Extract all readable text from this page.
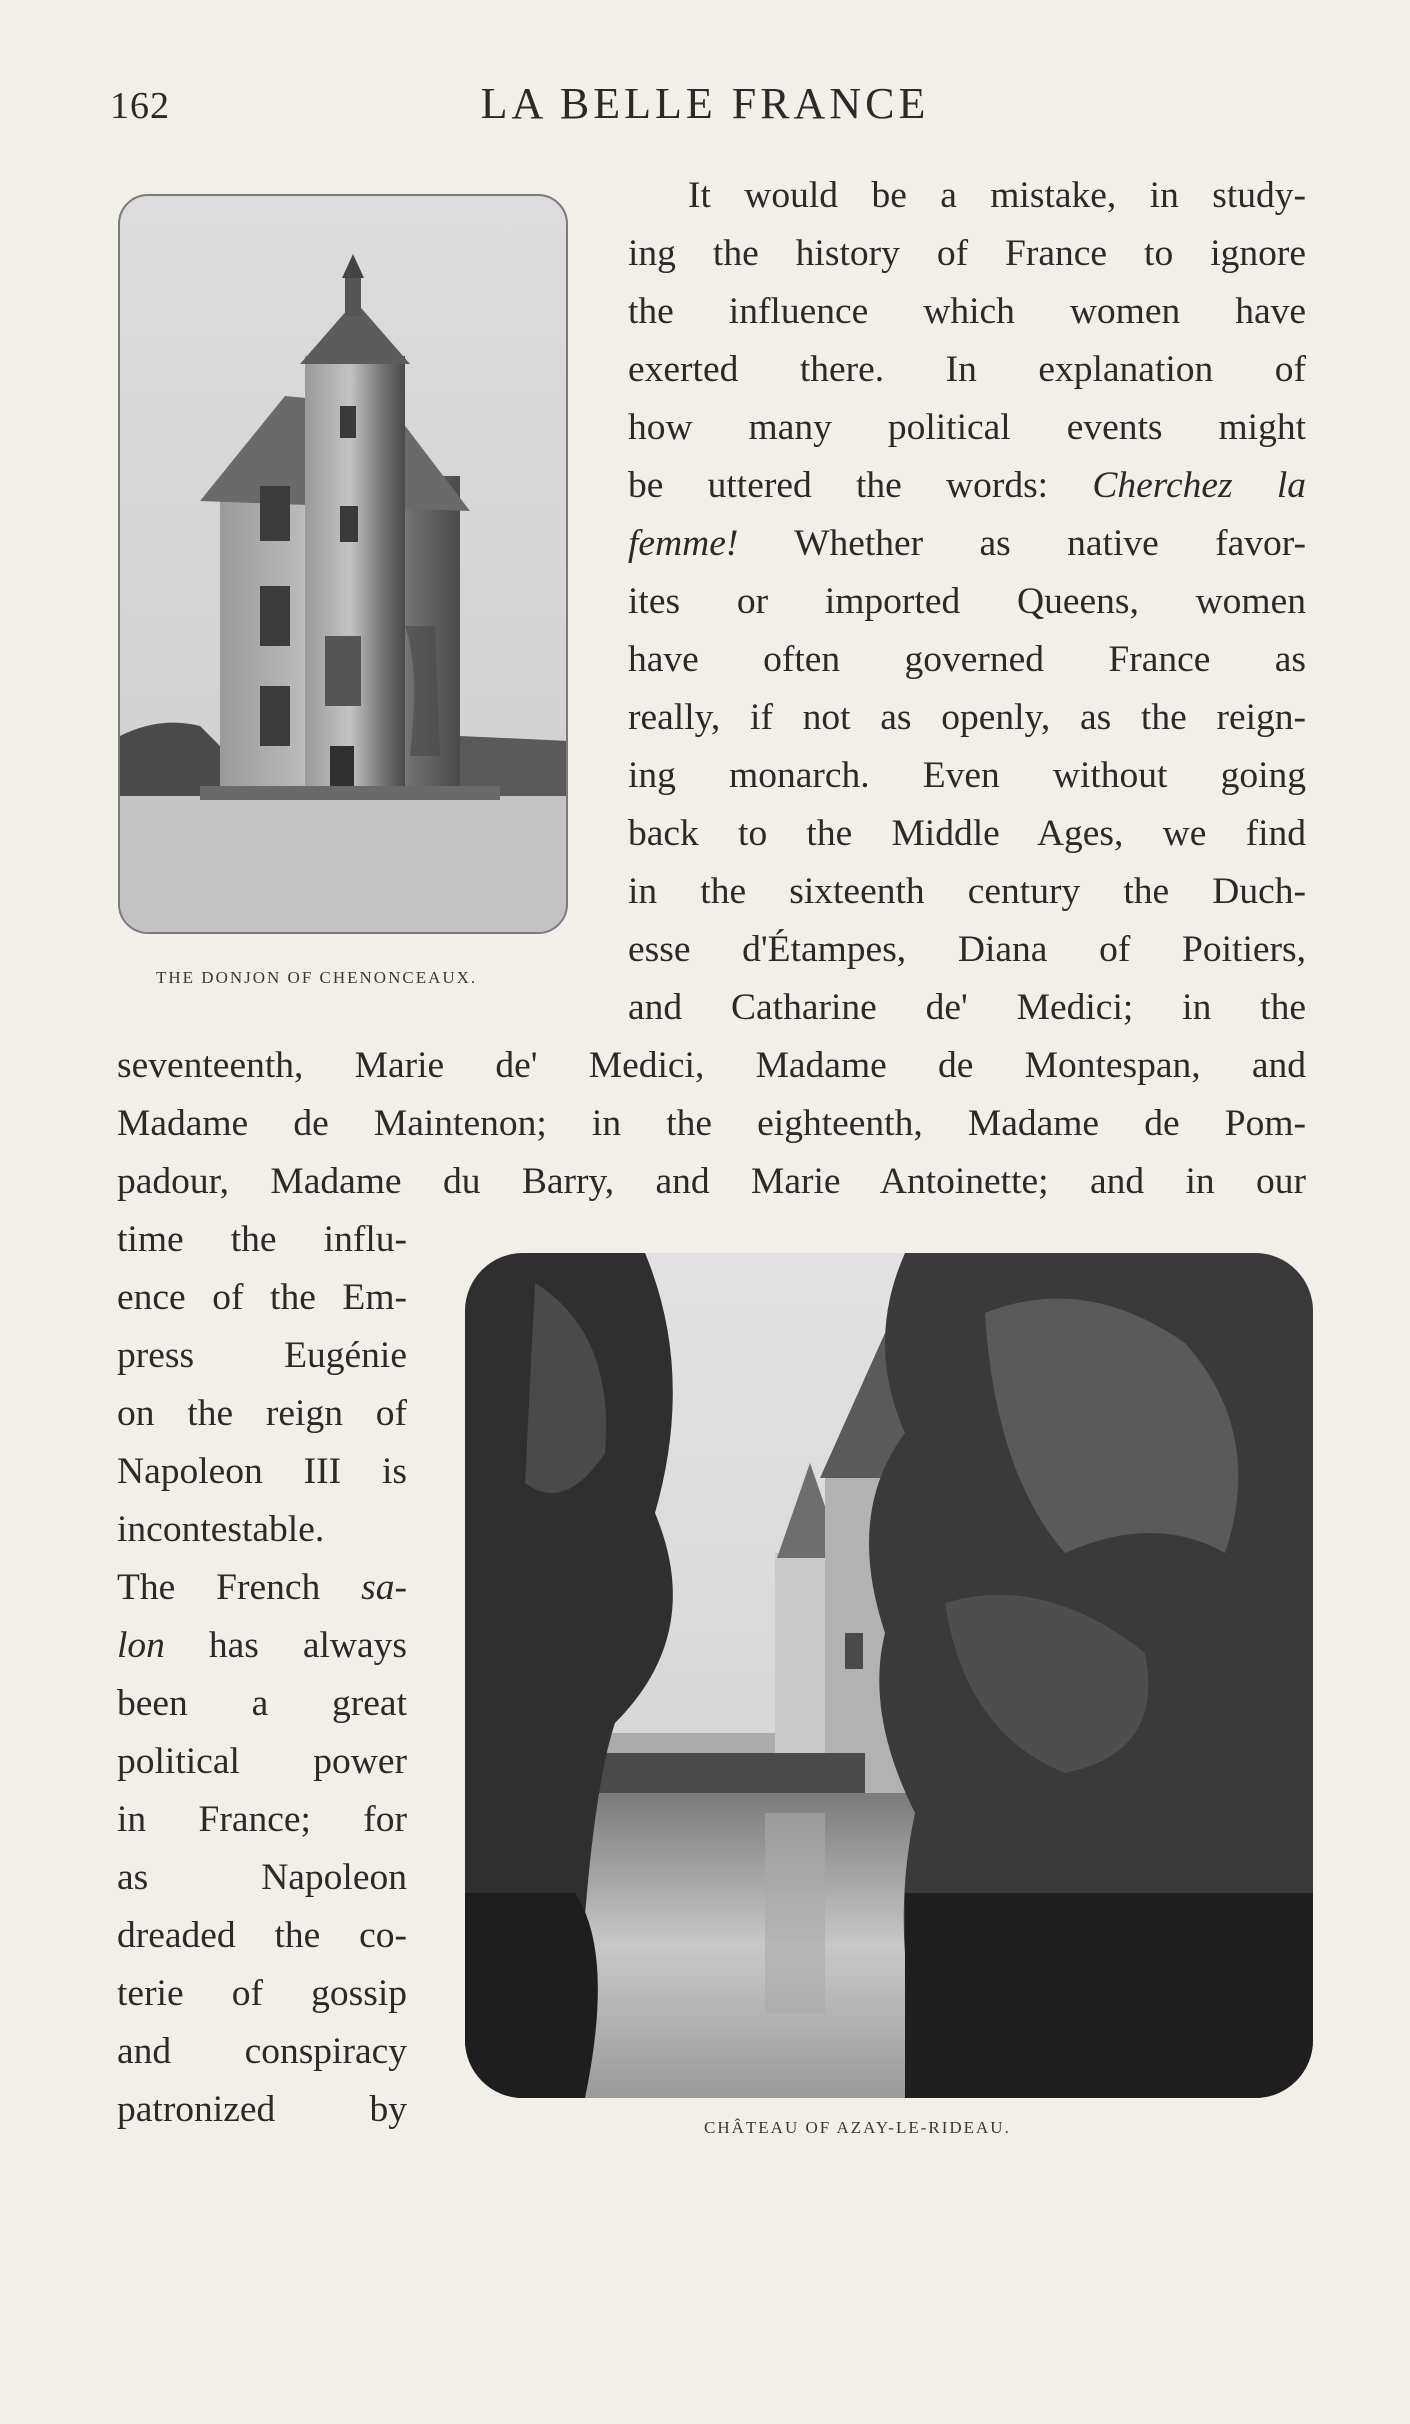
162	LA BELLE FRANCE
THE DONJON OF CHENONCEAUX.
It would be a mistake, in study-
ing the history of France to ignore
the influence which women have
exerted there. In explanation of
how many political events might
be uttered the words: Cherchez la
femme! Whether as native favor-
ites or imported Queens, women
have often governed France as
really, if not as openly, as the reign-
ing monarch. Even without going
back to the Middle Ages, we find
in the sixteenth century the Duch-
esse d'Étampes, Diana of Poitiers,
and Catharine de' Medici; in the
seventeenth, Marie de' Medici, Madame de Montespan, and
Madame de Maintenon; in the eighteenth, Madame de Pom-
padour, Madame du Barry, and Marie Antoinette; and in our
time the influ-
ence of the Em-
press Eugénie
on the reign of
Napoleon III is
incontestable.
The French sa-
lon has always
been a great
political power
in France; for
as Napoleon
dreaded the co-
terie of gossip
and conspiracy
patronized by	CHÂTEAU OF AZAY-LE-RIDEAU.
